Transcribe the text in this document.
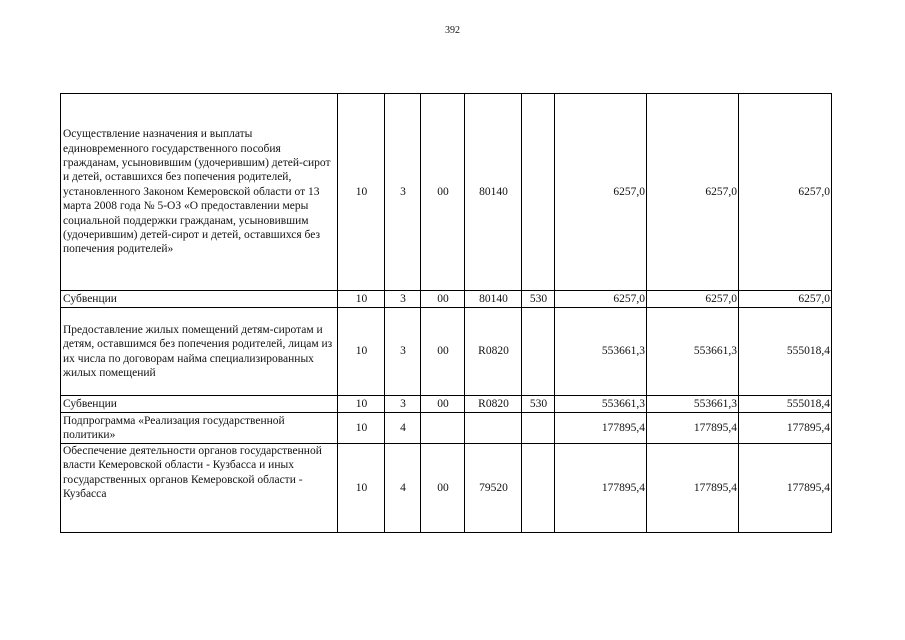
392
Осуществление назначения и выплаты единовременного государственного пособия гражданам, усыновившим (удочерившим) детей-сирот и детей, оставшихся без попечения родителей, установленного Законом Кемеровской области от 13 марта 2008 года № 5-ОЗ «О предоставлении меры социальной поддержки гражданам, усыновившим (удочерившим) детей-сирот и детей, оставшихся без попечения родителей»	10	3	00	80140		6257,0	6257,0	6257,0
Субвенции	10	3	00	80140	530	6257,0	6257,0	6257,0
Предоставление жилых помещений детям-сиротам и детям, оставшимся без попечения родителей, лицам из их числа по договорам найма специализированных жилых помещений	10	3	00	R0820		553661,3	553661,3	555018,4
Субвенции	10	3	00	R0820	530	553661,3	553661,3	555018,4
Подпрограмма «Реализация государственной политики»	10	4				177895,4	177895,4	177895,4
Обеспечение деятельности органов государственной власти Кемеровской области - Кузбасса и иных государственных органов Кемеровской области - Кузбасса	10	4	00	79520		177895,4	177895,4	177895,4
